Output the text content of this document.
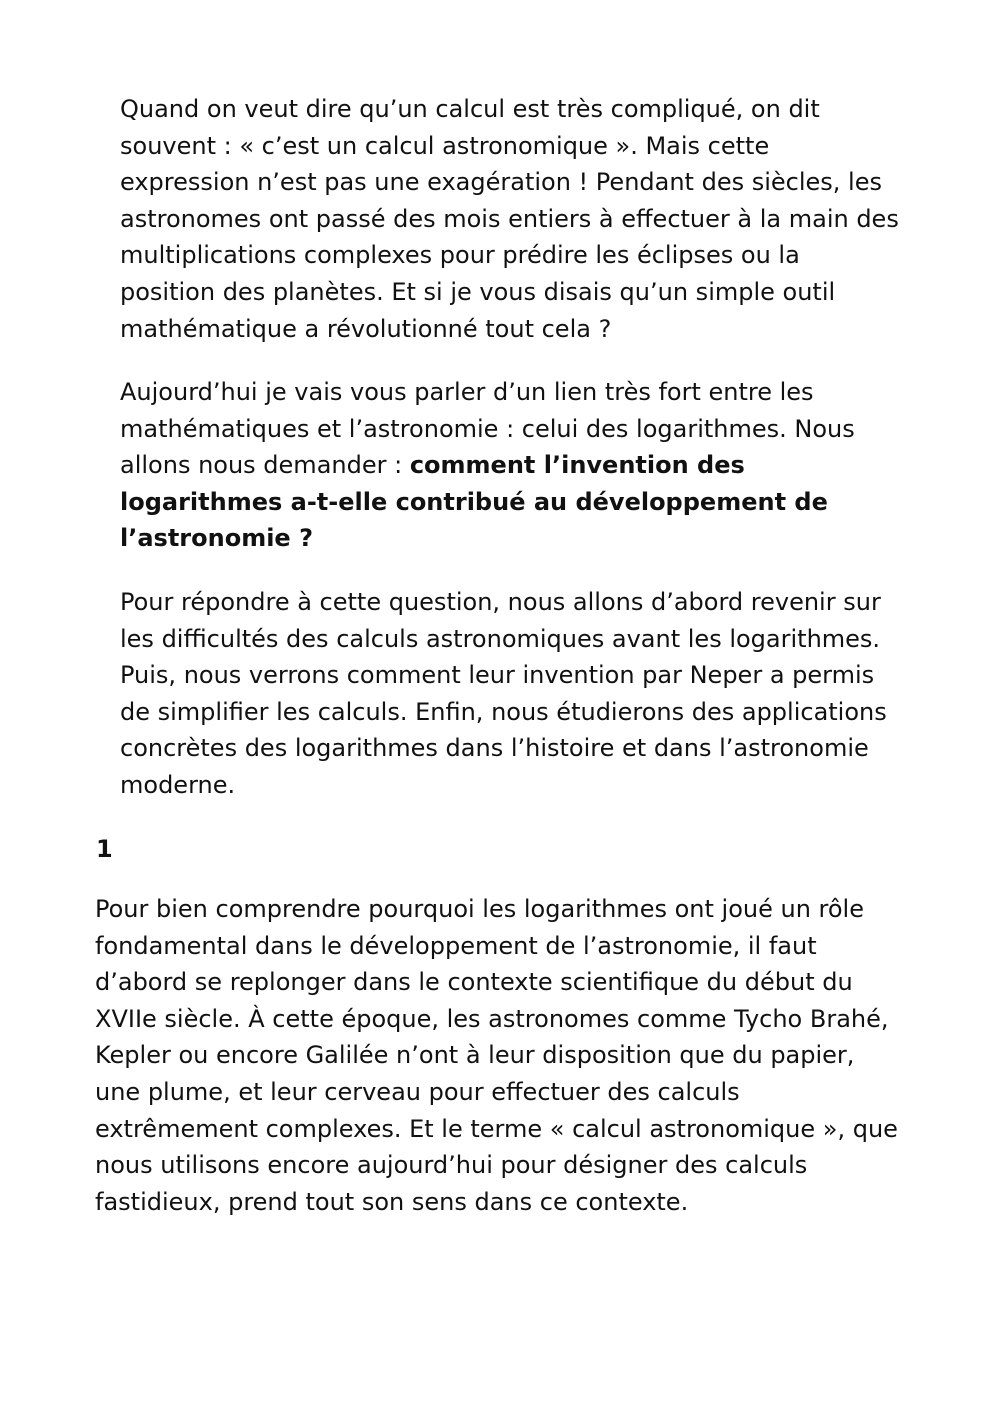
Quand on veut dire qu’un calcul est très compliqué, on dit souvent : « c’est un calcul astronomique ». Mais cette expression n’est pas une exagération ! Pendant des siècles, les astronomes ont passé des mois entiers à effectuer à la main des multiplications complexes pour prédire les éclipses ou la position des planètes. Et si je vous disais qu’un simple outil mathématique a révolutionné tout cela ?

Aujourd’hui je vais vous parler d’un lien très fort entre les mathématiques et l’astronomie : celui des logarithmes. Nous allons nous demander : comment l’invention des logarithmes a-t-elle contribué au développement de l’astronomie ?

Pour répondre à cette question, nous allons d’abord revenir sur les difficultés des calculs astronomiques avant les logarithmes. Puis, nous verrons comment leur invention par Neper a permis de simplifier les calculs. Enfin, nous étudierons des applications concrètes des logarithmes dans l’histoire et dans l’astronomie moderne.

1

Pour bien comprendre pourquoi les logarithmes ont joué un rôle fondamental dans le développement de l’astronomie, il faut d’abord se replonger dans le contexte scientifique du début du XVIIe siècle. À cette époque, les astronomes comme Tycho Brahé, Kepler ou encore Galilée n’ont à leur disposition que du papier, une plume, et leur cerveau pour effectuer des calculs extrêmement complexes. Et le terme « calcul astronomique », que nous utilisons encore aujourd’hui pour désigner des calculs fastidieux, prend tout son sens dans ce contexte.
